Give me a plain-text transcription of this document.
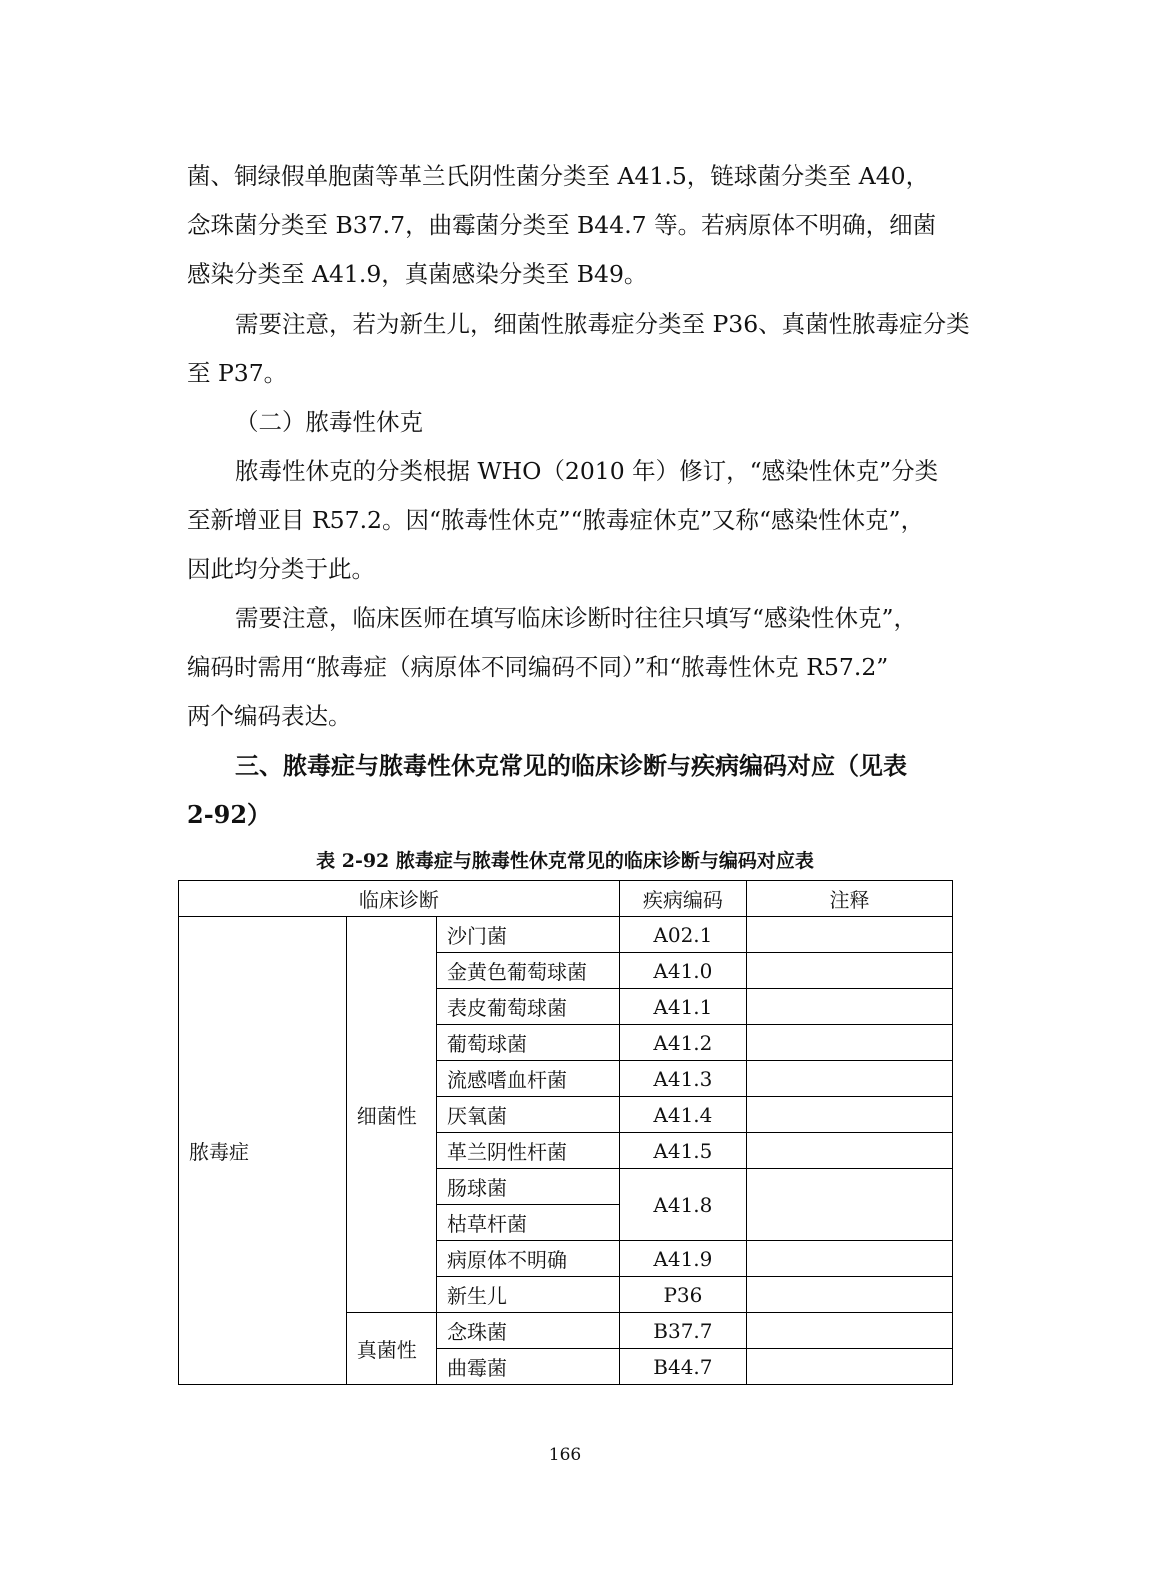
菌、铜绿假单胞菌等革兰氏阴性菌分类至 A41.5，链球菌分类至 A40，
念珠菌分类至 B37.7，曲霉菌分类至 B44.7 等。若病原体不明确，细菌
感染分类至 A41.9，真菌感染分类至 B49。
需要注意，若为新生儿，细菌性脓毒症分类至 P36、真菌性脓毒症分类
至 P37。
（二）脓毒性休克
脓毒性休克的分类根据 WHO（2010 年）修订，“感染性休克”分类
至新增亚目 R57.2。因“脓毒性休克”“脓毒症休克”又称“感染性休克”，
因此均分类于此。
需要注意，临床医师在填写临床诊断时往往只填写“感染性休克”，
编码时需用“脓毒症（病原体不同编码不同）”和“脓毒性休克 R57.2”
两个编码表达。
三、脓毒症与脓毒性休克常见的临床诊断与疾病编码对应（见表
2-92）
表 2-92 脓毒症与脓毒性休克常见的临床诊断与编码对应表
临床诊断			疾病编码	注释
脓毒症	细菌性	沙门菌	A02.1	
		金黄色葡萄球菌	A41.0	
		表皮葡萄球菌	A41.1	
		葡萄球菌	A41.2	
		流感嗜血杆菌	A41.3	
		厌氧菌	A41.4	
		革兰阴性杆菌	A41.5	
		肠球菌	A41.8	
		枯草杆菌		
		病原体不明确	A41.9	
		新生儿	P36	
	真菌性	念珠菌	B37.7	
		曲霉菌	B44.7	
166
